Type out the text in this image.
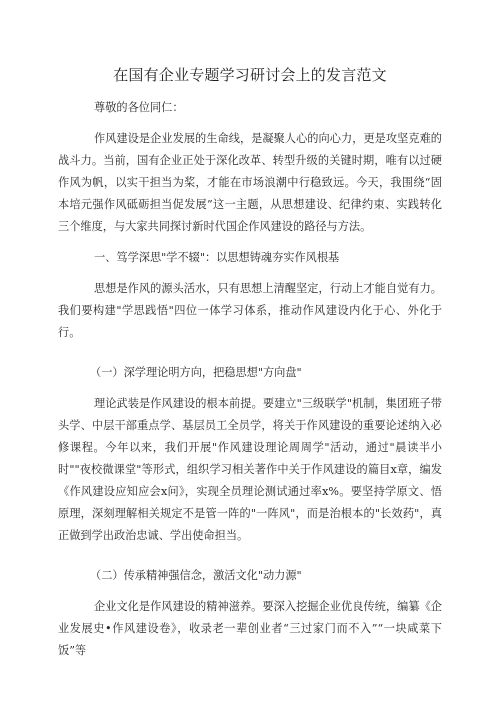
在国有企业专题学习研讨会上的发言范文

尊敬的各位同仁：

作风建设是企业发展的生命线，是凝聚人心的向心力，更是攻坚克难的战斗力。当前，国有企业正处于深化改革、转型升级的关键时期，唯有以过硬作风为帆，以实干担当为桨，才能在市场浪潮中行稳致远。今天，我围绕“固本培元强作风砥砺担当促发展”这一主题，从思想建设、纪律约束、实践转化三个维度，与大家共同探讨新时代国企作风建设的路径与方法。

一、笃学深思"学不辍"：以思想铸魂夯实作风根基

思想是作风的源头活水，只有思想上清醒坚定，行动上才能自觉有力。我们要构建"学思践悟"四位一体学习体系，推动作风建设内化于心、外化于行。

（一）深学理论明方向，把稳思想"方向盘"

理论武装是作风建设的根本前提。要建立"三级联学"机制，集团班子带头学、中层干部重点学、基层员工全员学，将关于作风建设的重要论述纳入必修课程。今年以来，我们开展"作风建设理论周周学"活动，通过"晨读半小时""夜校微课堂"等形式，组织学习相关著作中关于作风建设的篇目x章，编发《作风建设应知应会x问》，实现全员理论测试通过率x%。要坚持学原文、悟原理，深刻理解相关规定不是管一阵的"一阵风"，而是治根本的"长效药"，真正做到学出政治忠诚、学出使命担当。

（二）传承精神强信念，激活文化"动力源"

企业文化是作风建设的精神滋养。要深入挖掘企业优良传统，编纂《企业发展史•作风建设卷》，收录老一辈创业者“三过家门而不入”“一块咸菜下饭”等
